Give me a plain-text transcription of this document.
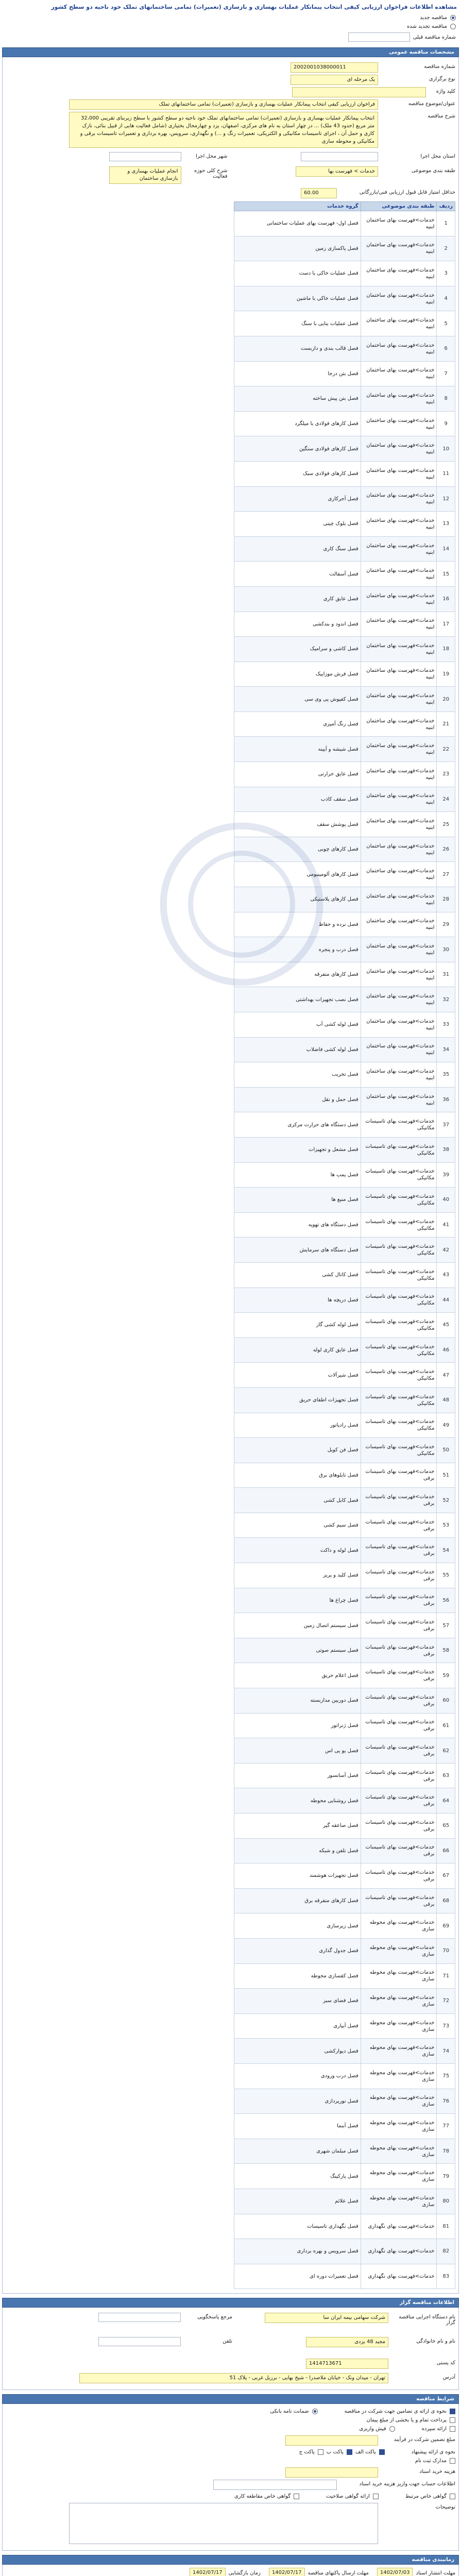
مشاهده اطلاعات فراخوان ارزیابی کیفی انتخاب پیمانکار عملیات بهسازی و بازسازی (تعمیرات) تمامی ساختمانهای تملک خود ناحیه دو سطح کشور
مناقصه جدید
مناقصه تجدید شده
شماره مناقصه قبلی
مشخصات مناقصه عمومی
شماره مناقصه
2002001038000011
نوع برگزاری
یک مرحله ای
کلید واژه
عنوان/موضوع مناقصه
فراخوان ارزیابی کیفی انتخاب پیمانکار عملیات بهسازی و بازسازی (تعمیرات) تمامی ساختمانهای تملک
شرح مناقصه
انتخاب پیمانکار عملیات بهسازی و بازسازی (تعمیرات) تمامی ساختمانهای تملک خود ناحیه دو سطح کشور با سطح زیربنای تقریبی 32،000 متر مربع (حدود 43 ملک) ... در چهار استان به نام های مرکزی، اصفهان، یزد و چهارمحال بختیاری (شامل فعالیت هایی از قبیل بنائی، نازک کاری و حمل آن ، اجرای تاسیسات مکانیکی و الکتریکی، تعمیرات رنگ و ...) و نگهداری، سرویس، بهره برداری و تعمیرات تاسیسات برقی و مکانیکی و محوطه سازی
استان محل اجرا
شهر محل اجرا
طبقه بندی موضوعی
خدمات > فهرست بها
شرح کلی حوزه فعالیت
انجام عملیات بهسازی و بازسازی ساختمان
حداقل امتیاز قابل قبول ارزیابی فنی/بازرگانی
60.00
ردیف	طبقه بندی موضوعی	گروه خدمات
1	خدمات>فهرست بهای ساختمان ابنیه	فصل اول- فهرست بهای عملیات ساختمانی
2	خدمات>فهرست بهای ساختمان ابنیه	فصل پاکسازی زمین
3	خدمات>فهرست بهای ساختمان ابنیه	فصل عملیات خاکی با دست
4	خدمات>فهرست بهای ساختمان ابنیه	فصل عملیات خاکی با ماشین
5	خدمات>فهرست بهای ساختمان ابنیه	فصل عملیات بنایی با سنگ
6	خدمات>فهرست بهای ساختمان ابنیه	فصل قالب بندی و داربست
7	خدمات>فهرست بهای ساختمان ابنیه	فصل بتن درجا
8	خدمات>فهرست بهای ساختمان ابنیه	فصل بتن پیش ساخته
9	خدمات>فهرست بهای ساختمان ابنیه	فصل کارهای فولادی با میلگرد
10	خدمات>فهرست بهای ساختمان ابنیه	فصل کارهای فولادی سنگین
11	خدمات>فهرست بهای ساختمان ابنیه	فصل کارهای فولادی سبک
12	خدمات>فهرست بهای ساختمان ابنیه	فصل آجرکاری
13	خدمات>فهرست بهای ساختمان ابنیه	فصل بلوک چینی
14	خدمات>فهرست بهای ساختمان ابنیه	فصل سنگ کاری
15	خدمات>فهرست بهای ساختمان ابنیه	فصل آسفالت
16	خدمات>فهرست بهای ساختمان ابنیه	فصل عایق کاری
17	خدمات>فهرست بهای ساختمان ابنیه	فصل اندود و بندکشی
18	خدمات>فهرست بهای ساختمان ابنیه	فصل کاشی و سرامیک
19	خدمات>فهرست بهای ساختمان ابنیه	فصل فرش موزاییک
20	خدمات>فهرست بهای ساختمان ابنیه	فصل کفپوش پی وی سی
21	خدمات>فهرست بهای ساختمان ابنیه	فصل رنگ آمیزی
22	خدمات>فهرست بهای ساختمان ابنیه	فصل شیشه و آیینه
23	خدمات>فهرست بهای ساختمان ابنیه	فصل عایق حرارتی
24	خدمات>فهرست بهای ساختمان ابنیه	فصل سقف کاذب
25	خدمات>فهرست بهای ساختمان ابنیه	فصل پوشش سقف
26	خدمات>فهرست بهای ساختمان ابنیه	فصل کارهای چوبی
27	خدمات>فهرست بهای ساختمان ابنیه	فصل کارهای آلومینیومی
28	خدمات>فهرست بهای ساختمان ابنیه	فصل کارهای پلاستیکی
29	خدمات>فهرست بهای ساختمان ابنیه	فصل نرده و حفاظ
30	خدمات>فهرست بهای ساختمان ابنیه	فصل درب و پنجره
31	خدمات>فهرست بهای ساختمان ابنیه	فصل کارهای متفرقه
32	خدمات>فهرست بهای ساختمان ابنیه	فصل نصب تجهیزات بهداشتی
33	خدمات>فهرست بهای ساختمان ابنیه	فصل لوله کشی آب
34	خدمات>فهرست بهای ساختمان ابنیه	فصل لوله کشی فاضلاب
35	خدمات>فهرست بهای ساختمان ابنیه	فصل تخریب
36	خدمات>فهرست بهای ساختمان ابنیه	فصل حمل و نقل
37	خدمات>فهرست بهای تاسیسات مکانیکی	فصل دستگاه های حرارت مرکزی
38	خدمات>فهرست بهای تاسیسات مکانیکی	فصل مشعل و تجهیزات
39	خدمات>فهرست بهای تاسیسات مکانیکی	فصل پمپ ها
40	خدمات>فهرست بهای تاسیسات مکانیکی	فصل منبع ها
41	خدمات>فهرست بهای تاسیسات مکانیکی	فصل دستگاه های تهویه
42	خدمات>فهرست بهای تاسیسات مکانیکی	فصل دستگاه های سرمایش
43	خدمات>فهرست بهای تاسیسات مکانیکی	فصل کانال کشی
44	خدمات>فهرست بهای تاسیسات مکانیکی	فصل دریچه ها
45	خدمات>فهرست بهای تاسیسات مکانیکی	فصل لوله کشی گاز
46	خدمات>فهرست بهای تاسیسات مکانیکی	فصل عایق کاری لوله
47	خدمات>فهرست بهای تاسیسات مکانیکی	فصل شیرآلات
48	خدمات>فهرست بهای تاسیسات مکانیکی	فصل تجهیزات اطفای حریق
49	خدمات>فهرست بهای تاسیسات مکانیکی	فصل رادیاتور
50	خدمات>فهرست بهای تاسیسات مکانیکی	فصل فن کویل
51	خدمات>فهرست بهای تاسیسات برقی	فصل تابلوهای برق
52	خدمات>فهرست بهای تاسیسات برقی	فصل کابل کشی
53	خدمات>فهرست بهای تاسیسات برقی	فصل سیم کشی
54	خدمات>فهرست بهای تاسیسات برقی	فصل لوله و داکت
55	خدمات>فهرست بهای تاسیسات برقی	فصل کلید و پریز
56	خدمات>فهرست بهای تاسیسات برقی	فصل چراغ ها
57	خدمات>فهرست بهای تاسیسات برقی	فصل سیستم اتصال زمین
58	خدمات>فهرست بهای تاسیسات برقی	فصل سیستم صوتی
59	خدمات>فهرست بهای تاسیسات برقی	فصل اعلام حریق
60	خدمات>فهرست بهای تاسیسات برقی	فصل دوربین مداربسته
61	خدمات>فهرست بهای تاسیسات برقی	فصل ژنراتور
62	خدمات>فهرست بهای تاسیسات برقی	فصل یو پی اس
63	خدمات>فهرست بهای تاسیسات برقی	فصل آسانسور
64	خدمات>فهرست بهای تاسیسات برقی	فصل روشنایی محوطه
65	خدمات>فهرست بهای تاسیسات برقی	فصل صاعقه گیر
66	خدمات>فهرست بهای تاسیسات برقی	فصل تلفن و شبکه
67	خدمات>فهرست بهای تاسیسات برقی	فصل تجهیزات هوشمند
68	خدمات>فهرست بهای تاسیسات برقی	فصل کارهای متفرقه برق
69	خدمات>فهرست بهای محوطه سازی	فصل زیرسازی
70	خدمات>فهرست بهای محوطه سازی	فصل جدول گذاری
71	خدمات>فهرست بهای محوطه سازی	فصل کفسازی محوطه
72	خدمات>فهرست بهای محوطه سازی	فصل فضای سبز
73	خدمات>فهرست بهای محوطه سازی	فصل آبیاری
74	خدمات>فهرست بهای محوطه سازی	فصل دیوارکشی
75	خدمات>فهرست بهای محوطه سازی	فصل درب ورودی
76	خدمات>فهرست بهای محوطه سازی	فصل نورپردازی
77	خدمات>فهرست بهای محوطه سازی	فصل آبنما
78	خدمات>فهرست بهای محوطه سازی	فصل مبلمان شهری
79	خدمات>فهرست بهای محوطه سازی	فصل پارکینگ
80	خدمات>فهرست بهای محوطه سازی	فصل علائم
81	خدمات>فهرست بهای نگهداری	فصل نگهداری تاسیسات
82	خدمات>فهرست بهای نگهداری	فصل سرویس و بهره برداری
83	خدمات>فهرست بهای نگهداری	فصل تعمیرات دوره ای
اطلاعات مناقصه گزار
نام دستگاه اجرایی مناقصه گزار
شرکت سهامی بیمه ایران سا
مرجع پاسخگویی
نام و نام خانوادگی
مجید 48 یزدی
تلفن
کد پستی
1414713671
آدرس
تهران - میدان ونک - خیابان ملاصدرا - شیخ بهایی - برزیل غربی - پلاک 51
شرایط مناقصه
نحوه ی ارائه ی تضامین جهت شرکت در مناقصه
ضمانت نامه بانکی
پرداخت تمام و یا بخشی از مبلغ پیمان
ارائه سپرده
فیش واریزی
مبلغ تضمین شرکت در فرآیند
نحوه ی ارائه پیشنهاد
پاکت الف
پاکت ب
پاکت ج
مدارک ثبت نام
هزینه خرید اسناد
اطلاعات حساب جهت واریز هزینه خرید اسناد
گواهی خاص مرتبط
ارائه گواهی صلاحیت
گواهی خاص مقاطعه کاری
توضیحات
زمانبندی مناقصه
مهلت انتشار اسناد
1402/07/03
مهلت ارسال پاکتهای مناقصه
1402/07/17
زمان بازگشایی
1402/07/17
